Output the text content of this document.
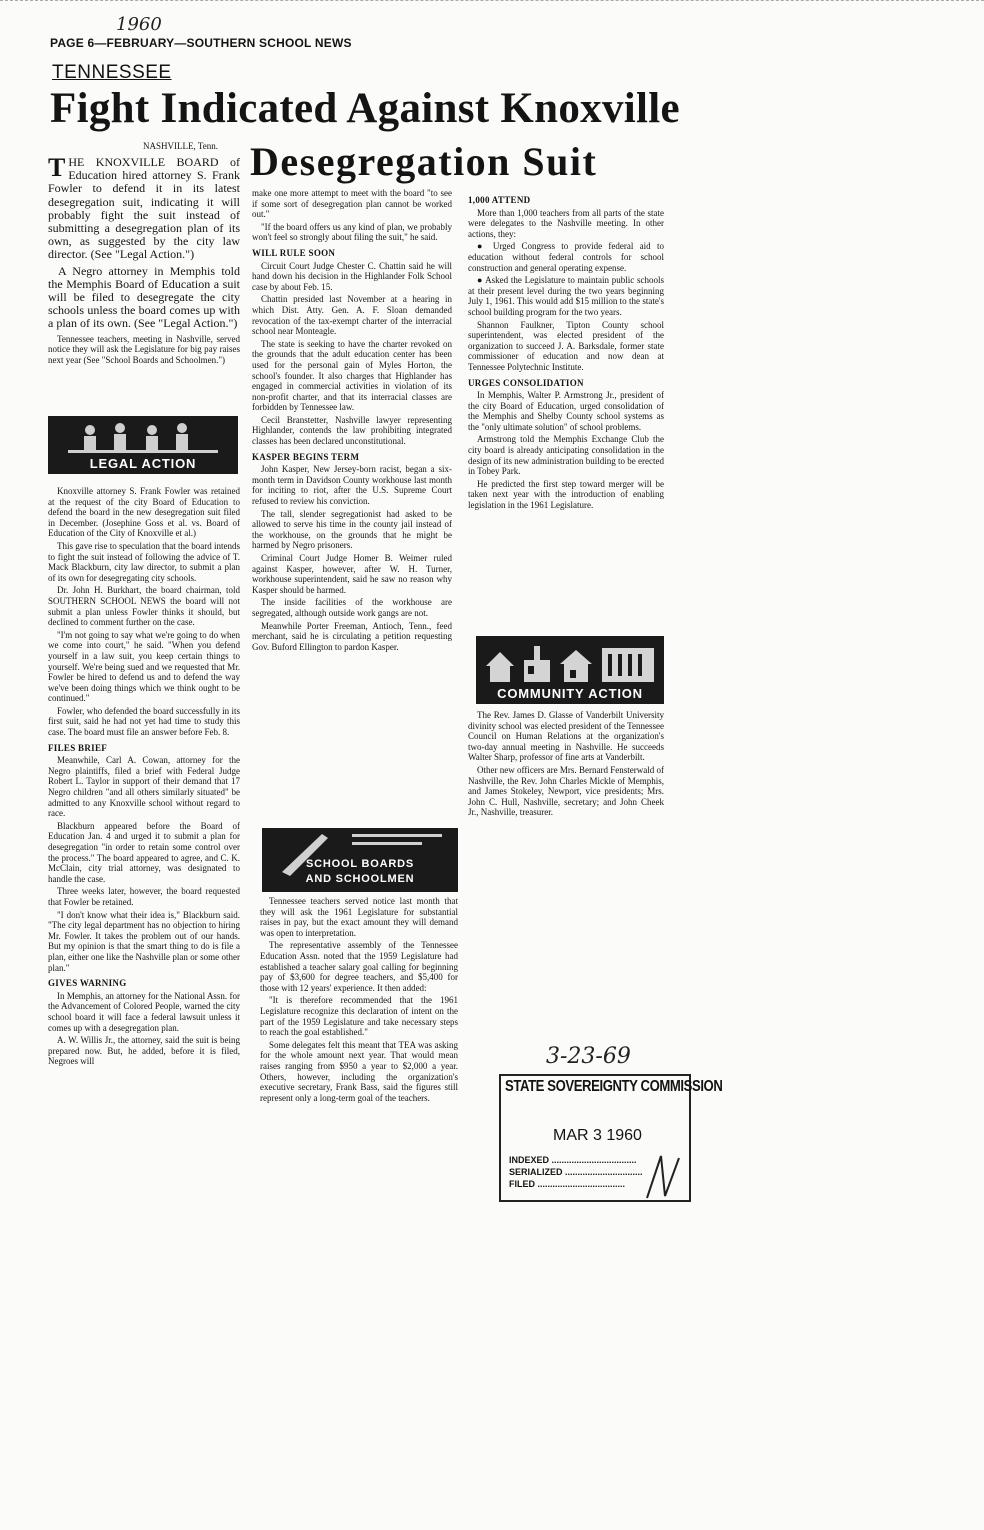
1960
PAGE 6—FEBRUARY—SOUTHERN SCHOOL NEWS
TENNESSEE
Fight Indicated Against Knoxville
Desegregation Suit
NASHVILLE, Tenn.

THE KNOXVILLE BOARD of Education hired attorney S. Frank Fowler to defend it in its latest desegregation suit, indicating it will probably fight the suit instead of submitting a desegregation plan of its own, as suggested by the city law director. (See "Legal Action.")

A Negro attorney in Memphis told the Memphis Board of Education a suit will be filed to desegregate the city schools unless the board comes up with a plan of its own. (See "Legal Action.")

Tennessee teachers, meeting in Nashville, served notice they will ask the Legislature for big pay raises next year (See "School Boards and Schoolmen.")

LEGAL ACTION

Knoxville attorney S. Frank Fowler was retained at the request of the city Board of Education to defend the board in the new desegregation suit filed in December. (Josephine Goss et al. vs. Board of Education of the City of Knoxville et al.)

This gave rise to speculation that the board intends to fight the suit instead of following the advice of T. Mack Blackburn, city law director, to submit a plan of its own for desegregating city schools.

Dr. John H. Burkhart, the board chairman, told SOUTHERN SCHOOL NEWS the board will not submit a plan unless Fowler thinks it should, but declined to comment further on the case.

"I'm not going to say what we're going to do when we come into court," he said. "When you defend yourself in a law suit, you keep certain things to yourself. We're being sued and we requested that Mr. Fowler be hired to defend us and to defend the way we've been doing things which we think ought to be continued."

Fowler, who defended the board successfully in its first suit, said he had not yet had time to study this case. The board must file an answer before Feb. 8.

FILES BRIEF

Meanwhile, Carl A. Cowan, attorney for the Negro plaintiffs, filed a brief with Federal Judge Robert L. Taylor in support of their demand that 17 Negro children "and all others similarly situated" be admitted to any Knoxville school without regard to race.

Blackburn appeared before the Board of Education Jan. 4 and urged it to submit a plan for desegregation "in order to retain some control over the process." The board appeared to agree, and C. K. McClain, city trial attorney, was designated to handle the case.

Three weeks later, however, the board requested that Fowler be retained.

"I don't know what their idea is," Blackburn said. "The city legal department has no objection to hiring Mr. Fowler. It takes the problem out of our hands. But my opinion is that the smart thing to do is file a plan, either one like the Nashville plan or some other plan."

GIVES WARNING

In Memphis, an attorney for the National Assn. for the Advancement of Colored People, warned the city school board it will face a federal lawsuit unless it comes up with a desegregation plan.

A. W. Willis Jr., the attorney, said the suit is being prepared now. But, he added, before it is filed, Negroes will

make one more attempt to meet with the board "to see if some sort of desegregation plan cannot be worked out."

"If the board offers us any kind of plan, we probably won't feel so strongly about filing the suit," he said.

WILL RULE SOON

Circuit Court Judge Chester C. Chattin said he will hand down his decision in the Highlander Folk School case by about Feb. 15.

Chattin presided last November at a hearing in which Dist. Atty. Gen. A. F. Sloan demanded revocation of the tax-exempt charter of the interracial school near Monteagle.

The state is seeking to have the charter revoked on the grounds that the adult education center has been used for the personal gain of Myles Horton, the school's founder. It also charges that Highlander has engaged in commercial activities in violation of its non-profit charter, and that its interracial classes are forbidden by Tennessee law.

Cecil Branstetter, Nashville lawyer representing Highlander, contends the law prohibiting integrated classes has been declared unconstitutional.

KASPER BEGINS TERM

John Kasper, New Jersey-born racist, began a six-month term in Davidson County workhouse last month for inciting to riot, after the U.S. Supreme Court refused to review his conviction.

The tall, slender segregationist had asked to be allowed to serve his time in the county jail instead of the workhouse, on the grounds that he might be harmed by Negro prisoners.

Criminal Court Judge Homer B. Weimer ruled against Kasper, however, after W. H. Turner, workhouse superintendent, said he saw no reason why Kasper should be harmed.

The inside facilities of the workhouse are segregated, although outside work gangs are not.

Meanwhile Porter Freeman, Antioch, Tenn., feed merchant, said he is circulating a petition requesting Gov. Buford Ellington to pardon Kasper.

SCHOOL BOARDS
AND SCHOOLMEN

Tennessee teachers served notice last month that they will ask the 1961 Legislature for substantial raises in pay, but the exact amount they will demand was open to interpretation.

The representative assembly of the Tennessee Education Assn. noted that the 1959 Legislature had established a teacher salary goal calling for beginning pay of $3,600 for degree teachers, and $5,400 for those with 12 years' experience. It then added:

"It is therefore recommended that the 1961 Legislature recognize this declaration of intent on the part of the 1959 Legislature and take necessary steps to reach the goal established."

Some delegates felt this meant that TEA was asking for the whole amount next year. That would mean raises ranging from $950 a year to $2,000 a year. Others, however, including the organization's executive secretary, Frank Bass, said the figures still represent only a long-term goal of the teachers.

1,000 ATTEND

More than 1,000 teachers from all parts of the state were delegates to the Nashville meeting. In other actions, they:

● Urged Congress to provide federal aid to education without federal controls for school construction and general operating expense.

● Asked the Legislature to maintain public schools at their present level during the two years beginning July 1, 1961. This would add $15 million to the state's school building program for the two years.

Shannon Faulkner, Tipton County school superintendent, was elected president of the organization to succeed J. A. Barksdale, former state commissioner of education and now dean at Tennessee Polytechnic Institute.

URGES CONSOLIDATION

In Memphis, Walter P. Armstrong Jr., president of the city Board of Education, urged consolidation of the Memphis and Shelby County school systems as the "only ultimate solution" of school problems.

Armstrong told the Memphis Exchange Club the city board is already anticipating consolidation in the design of its new administration building to be erected in Tobey Park.

He predicted the first step toward merger will be taken next year with the introduction of enabling legislation in the 1961 Legislature.

COMMUNITY ACTION

The Rev. James D. Glasse of Vanderbilt University divinity school was elected president of the Tennessee Council on Human Relations at the organization's two-day annual meeting in Nashville. He succeeds Walter Sharp, professor of fine arts at Vanderbilt.

Other new officers are Mrs. Bernard Fensterwald of Nashville, the Rev. John Charles Mickle of Memphis, and James Stokeley, Newport, vice presidents; Mrs. John C. Hull, Nashville, secretary; and John Cheek Jr., Nashville, treasurer.

3-23-69
STATE SOVEREIGNTY COMMISSION
MAR 3 1960
INDEXED ..................................
SERIALIZED ...............................
FILED ...................................
